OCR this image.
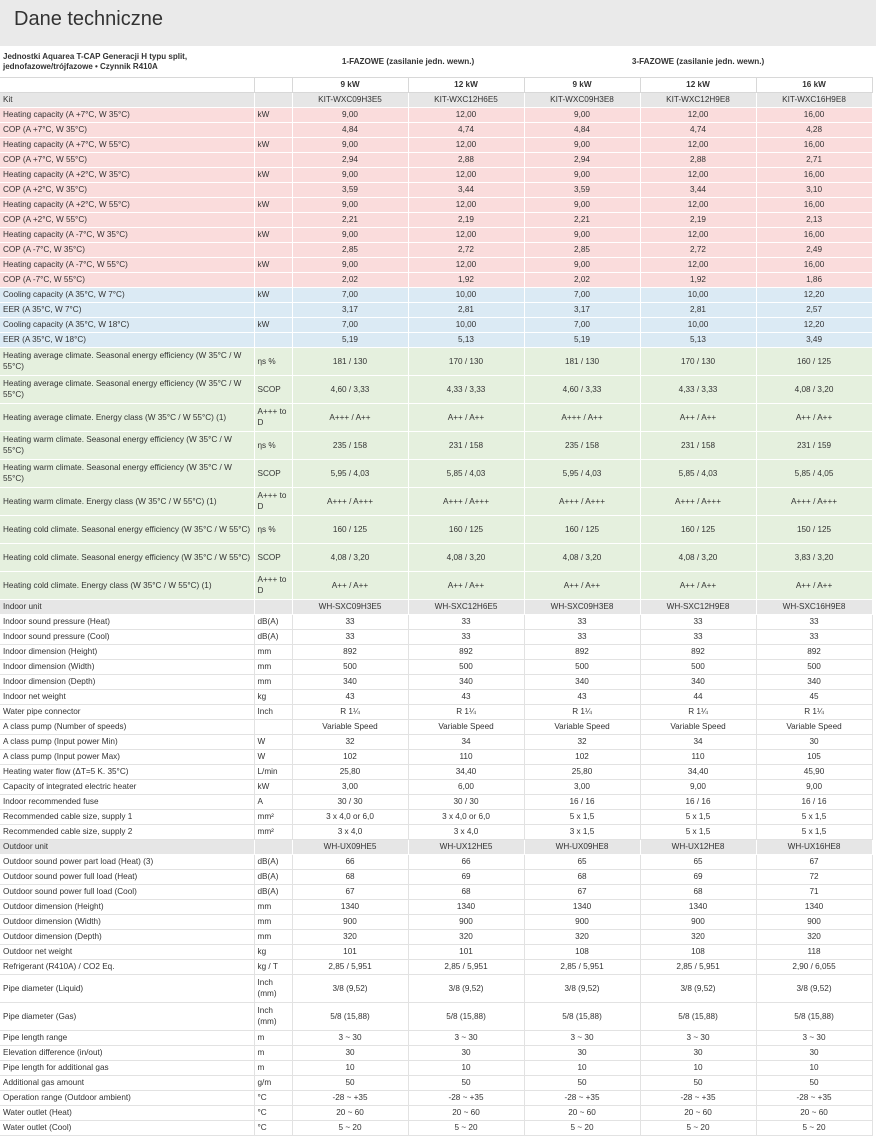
Dane techniczne
Jednostki Aquarea T-CAP Generacji H typu split, jednofazowe/trójfazowe • Czynnik R410A		1-FAZOWE (zasilanie jedn. wewn.)		3-FAZOWE (zasilanie jedn. wewn.)		
		9 kW	12 kW	9 kW	12 kW	16 kW
Kit		KIT-WXC09H3E5	KIT-WXC12H6E5	KIT-WXC09H3E8	KIT-WXC12H9E8	KIT-WXC16H9E8
Heating capacity (A +7°C, W 35°C)	kW	9,00	12,00	9,00	12,00	16,00
COP (A +7°C, W 35°C)		4,84	4,74	4,84	4,74	4,28
Heating capacity (A +7°C, W 55°C)	kW	9,00	12,00	9,00	12,00	16,00
COP (A +7°C, W 55°C)		2,94	2,88	2,94	2,88	2,71
Heating capacity (A +2°C, W 35°C)	kW	9,00	12,00	9,00	12,00	16,00
COP (A +2°C, W 35°C)		3,59	3,44	3,59	3,44	3,10
Heating capacity (A +2°C, W 55°C)	kW	9,00	12,00	9,00	12,00	16,00
COP (A +2°C, W 55°C)		2,21	2,19	2,21	2,19	2,13
Heating capacity (A -7°C, W 35°C)	kW	9,00	12,00	9,00	12,00	16,00
COP (A -7°C, W 35°C)		2,85	2,72	2,85	2,72	2,49
Heating capacity (A -7°C, W 55°C)	kW	9,00	12,00	9,00	12,00	16,00
COP (A -7°C, W 55°C)		2,02	1,92	2,02	1,92	1,86
Cooling capacity (A 35°C, W 7°C)	kW	7,00	10,00	7,00	10,00	12,20
EER (A 35°C, W 7°C)		3,17	2,81	3,17	2,81	2,57
Cooling capacity (A 35°C, W 18°C)	kW	7,00	10,00	7,00	10,00	12,20
EER (A 35°C, W 18°C)		5,19	5,13	5,19	5,13	3,49
Heating average climate. Seasonal energy efficiency (W 35°C / W 55°C)	ηs %	181 / 130	170 / 130	181 / 130	170 / 130	160 / 125
Heating average climate. Seasonal energy efficiency (W 35°C / W 55°C)	SCOP	4,60 / 3,33	4,33 / 3,33	4,60 / 3,33	4,33 / 3,33	4,08 / 3,20
Heating average climate. Energy class (W 35°C / W 55°C) (1)	A+++ to D	A+++ / A++	A++ / A++	A+++ / A++	A++ / A++	A++ / A++
Heating warm climate. Seasonal energy efficiency (W 35°C / W 55°C)	ηs %	235 / 158	231 / 158	235 / 158	231 / 158	231 / 159
Heating warm climate. Seasonal energy efficiency (W 35°C / W 55°C)	SCOP	5,95 / 4,03	5,85 / 4,03	5,95 / 4,03	5,85 / 4,03	5,85 / 4,05
Heating warm climate. Energy class (W 35°C / W 55°C) (1)	A+++ to D	A+++ / A+++	A+++ / A+++	A+++ / A+++	A+++ / A+++	A+++ / A+++
Heating cold climate. Seasonal energy efficiency (W 35°C / W 55°C)	ηs %	160 / 125	160 / 125	160 / 125	160 / 125	150 / 125
Heating cold climate. Seasonal energy efficiency (W 35°C / W 55°C)	SCOP	4,08 / 3,20	4,08 / 3,20	4,08 / 3,20	4,08 / 3,20	3,83 / 3,20
Heating cold climate. Energy class (W 35°C / W 55°C) (1)	A+++ to D	A++ / A++	A++ / A++	A++ / A++	A++ / A++	A++ / A++
Indoor unit		WH-SXC09H3E5	WH-SXC12H6E5	WH-SXC09H3E8	WH-SXC12H9E8	WH-SXC16H9E8
Indoor sound pressure (Heat)	dB(A)	33	33	33	33	33
Indoor sound pressure (Cool)	dB(A)	33	33	33	33	33
Indoor dimension (Height)	mm	892	892	892	892	892
Indoor dimension (Width)	mm	500	500	500	500	500
Indoor dimension (Depth)	mm	340	340	340	340	340
Indoor net weight	kg	43	43	43	44	45
Water pipe connector	Inch	R 1¼	R 1¼	R 1¼	R 1¼	R 1¼
A class pump (Number of speeds)		Variable Speed	Variable Speed	Variable Speed	Variable Speed	Variable Speed
A class pump (Input power Min)	W	32	34	32	34	30
A class pump (Input power Max)	W	102	110	102	110	105
Heating water flow (ΔT=5 K. 35°C)	L/min	25,80	34,40	25,80	34,40	45,90
Capacity of integrated electric heater	kW	3,00	6,00	3,00	9,00	9,00
Indoor recommended fuse	A	30 / 30	30 / 30	16 / 16	16 / 16	16 / 16
Recommended cable size, supply 1	mm²	3 x 4,0 or 6,0	3 x 4,0 or 6,0	5 x 1,5	5 x 1,5	5 x 1,5
Recommended cable size, supply 2	mm²	3 x 4,0	3 x 4,0	3 x 1,5	5 x 1,5	5 x 1,5
Outdoor unit		WH-UX09HE5	WH-UX12HE5	WH-UX09HE8	WH-UX12HE8	WH-UX16HE8
Outdoor sound power part load (Heat) (3)	dB(A)	66	66	65	65	67
Outdoor sound power full load (Heat)	dB(A)	68	69	68	69	72
Outdoor sound power full load (Cool)	dB(A)	67	68	67	68	71
Outdoor dimension (Height)	mm	1340	1340	1340	1340	1340
Outdoor dimension (Width)	mm	900	900	900	900	900
Outdoor dimension (Depth)	mm	320	320	320	320	320
Outdoor net weight	kg	101	101	108	108	118
Refrigerant (R410A) / CO2 Eq.	kg / T	2,85 / 5,951	2,85 / 5,951	2,85 / 5,951	2,85 / 5,951	2,90 / 6,055
Pipe diameter (Liquid)	Inch (mm)	3/8 (9,52)	3/8 (9,52)	3/8 (9,52)	3/8 (9,52)	3/8 (9,52)
Pipe diameter (Gas)	Inch (mm)	5/8 (15,88)	5/8 (15,88)	5/8 (15,88)	5/8 (15,88)	5/8 (15,88)
Pipe length range	m	3 ~ 30	3 ~ 30	3 ~ 30	3 ~ 30	3 ~ 30
Elevation difference (in/out)	m	30	30	30	30	30
Pipe length for additional gas	m	10	10	10	10	10
Additional gas amount	g/m	50	50	50	50	50
Operation range (Outdoor ambient)	°C	-28 ~ +35	-28 ~ +35	-28 ~ +35	-28 ~ +35	-28 ~ +35
Water outlet (Heat)	°C	20 ~ 60	20 ~ 60	20 ~ 60	20 ~ 60	20 ~ 60
Water outlet (Cool)	°C	5 ~ 20	5 ~ 20	5 ~ 20	5 ~ 20	5 ~ 20
